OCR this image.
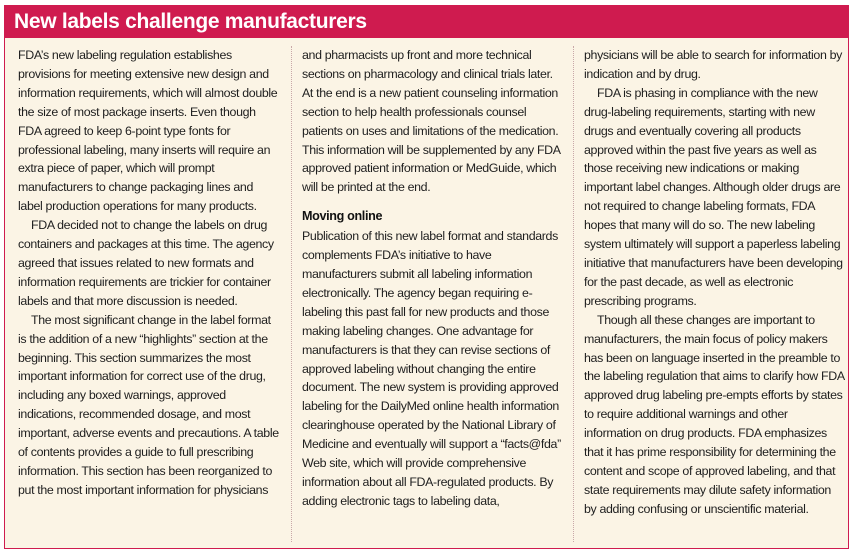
New labels challenge manufacturers

FDA’s new labeling regulation establishes provisions for meeting extensive new design and information requirements, which will almost double the size of most package inserts. Even though FDA agreed to keep 6-point type fonts for professional labeling, many inserts will require an extra piece of paper, which will prompt manufacturers to change packaging lines and label production operations for many products.

FDA decided not to change the labels on drug containers and packages at this time. The agency agreed that issues related to new formats and information requirements are trickier for container labels and that more discussion is needed.

The most significant change in the label format is the addition of a new “highlights” section at the beginning. This section summarizes the most important information for correct use of the drug, including any boxed warnings, approved indications, recommended dosage, and most important, adverse events and precautions. A table of contents provides a guide to full prescribing information. This section has been reorganized to put the most important information for physicians

and pharmacists up front and more technical sections on pharmacology and clinical trials later. At the end is a new patient counseling information section to help health professionals counsel patients on uses and limitations of the medication. This information will be supplemented by any FDA approved patient information or MedGuide, which will be printed at the end.

Moving online

Publication of this new label format and standards complements FDA’s initiative to have manufacturers submit all labeling information electronically. The agency began requiring e-labeling this past fall for new products and those making labeling changes. One advantage for manufacturers is that they can revise sections of approved labeling without changing the entire document. The new system is providing approved labeling for the DailyMed online health information clearinghouse operated by the National Library of Medicine and eventually will support a “facts@fda” Web site, which will provide comprehensive information about all FDA-regulated products. By adding electronic tags to labeling data,

physicians will be able to search for information by indication and by drug.

FDA is phasing in compliance with the new drug-labeling requirements, starting with new drugs and eventually covering all products approved within the past five years as well as those receiving new indications or making important label changes. Although older drugs are not required to change labeling formats, FDA hopes that many will do so. The new labeling system ultimately will support a paperless labeling initiative that manufacturers have been developing for the past decade, as well as electronic prescribing programs.

Though all these changes are important to manufacturers, the main focus of policy makers has been on language inserted in the preamble to the labeling regulation that aims to clarify how FDA approved drug labeling pre-empts efforts by states to require additional warnings and other information on drug products. FDA emphasizes that it has prime responsibility for determining the content and scope of approved labeling, and that state requirements may dilute safety information by adding confusing or unscientific material.
